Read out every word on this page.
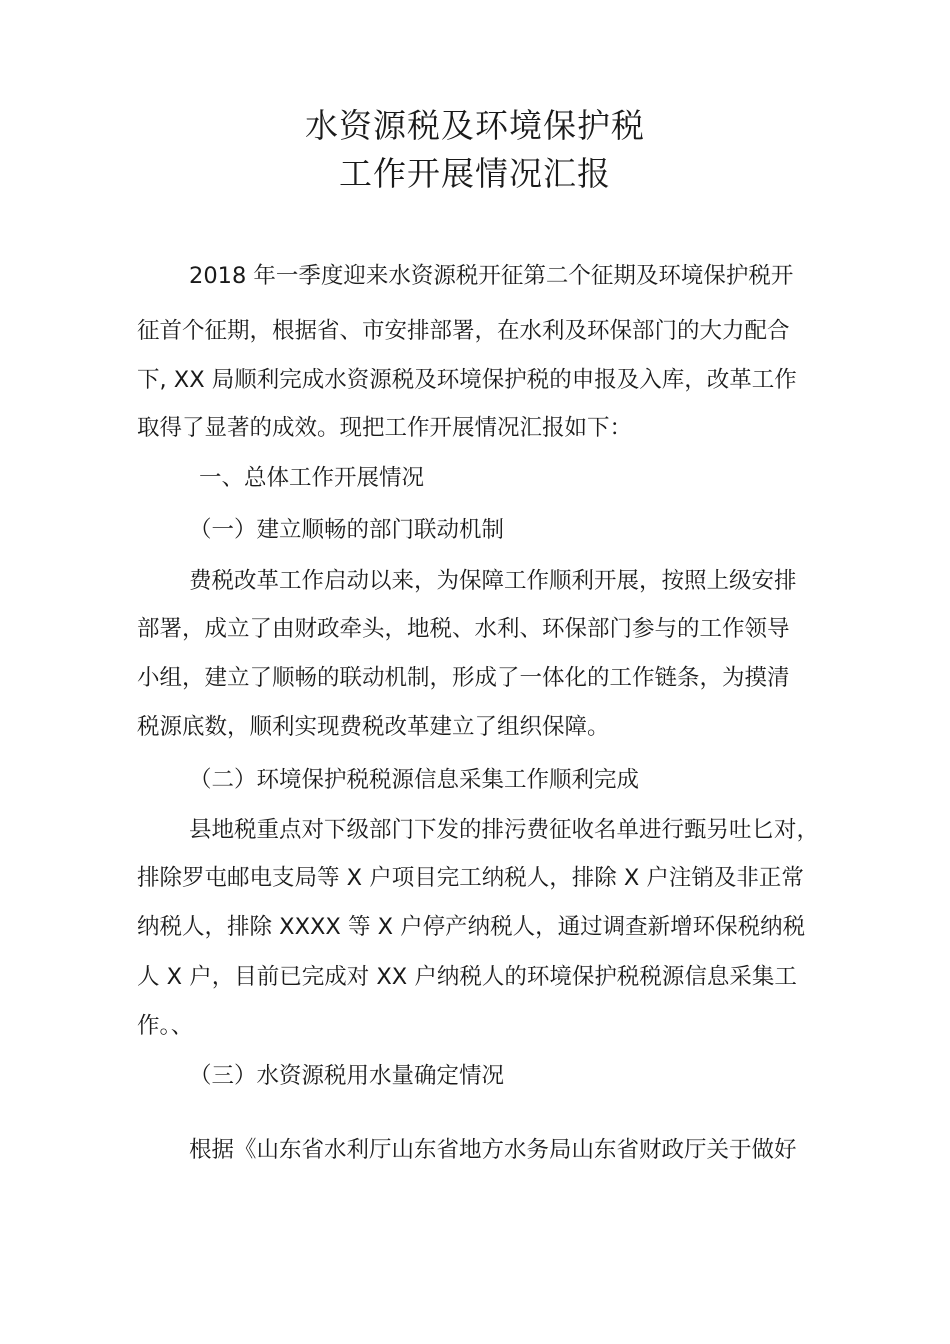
水资源税及环境保护税
工作开展情况汇报
2018 年一季度迎来水资源税开征第二个征期及环境保护税开
征首个征期，根据省、市安排部署，在水利及环保部门的大力配合
下, XX 局顺利完成水资源税及环境保护税的申报及入库，改革工作
取得了显著的成效。现把工作开展情况汇报如下：
一、总体工作开展情况
（一）建立顺畅的部门联动机制
费税改革工作启动以来，为保障工作顺利开展，按照上级安排
部署，成立了由财政牵头，地税、水利、环保部门参与的工作领导
小组，建立了顺畅的联动机制，形成了一体化的工作链条，为摸清
税源底数，顺利实现费税改革建立了组织保障。
（二）环境保护税税源信息采集工作顺利完成
县地税重点对下级部门下发的排污费征收名单进行甄另吐匕对，
排除罗屯邮电支局等 X 户项目完工纳税人，排除 X 户注销及非正常
纳税人，排除 XXXX 等 X 户停产纳税人，通过调查新增环保税纳税
人 X 户，目前已完成对 XX 户纳税人的环境保护税税源信息采集工
作。、
（三）水资源税用水量确定情况
根据《山东省水利厅山东省地方水务局山东省财政厅关于做好
